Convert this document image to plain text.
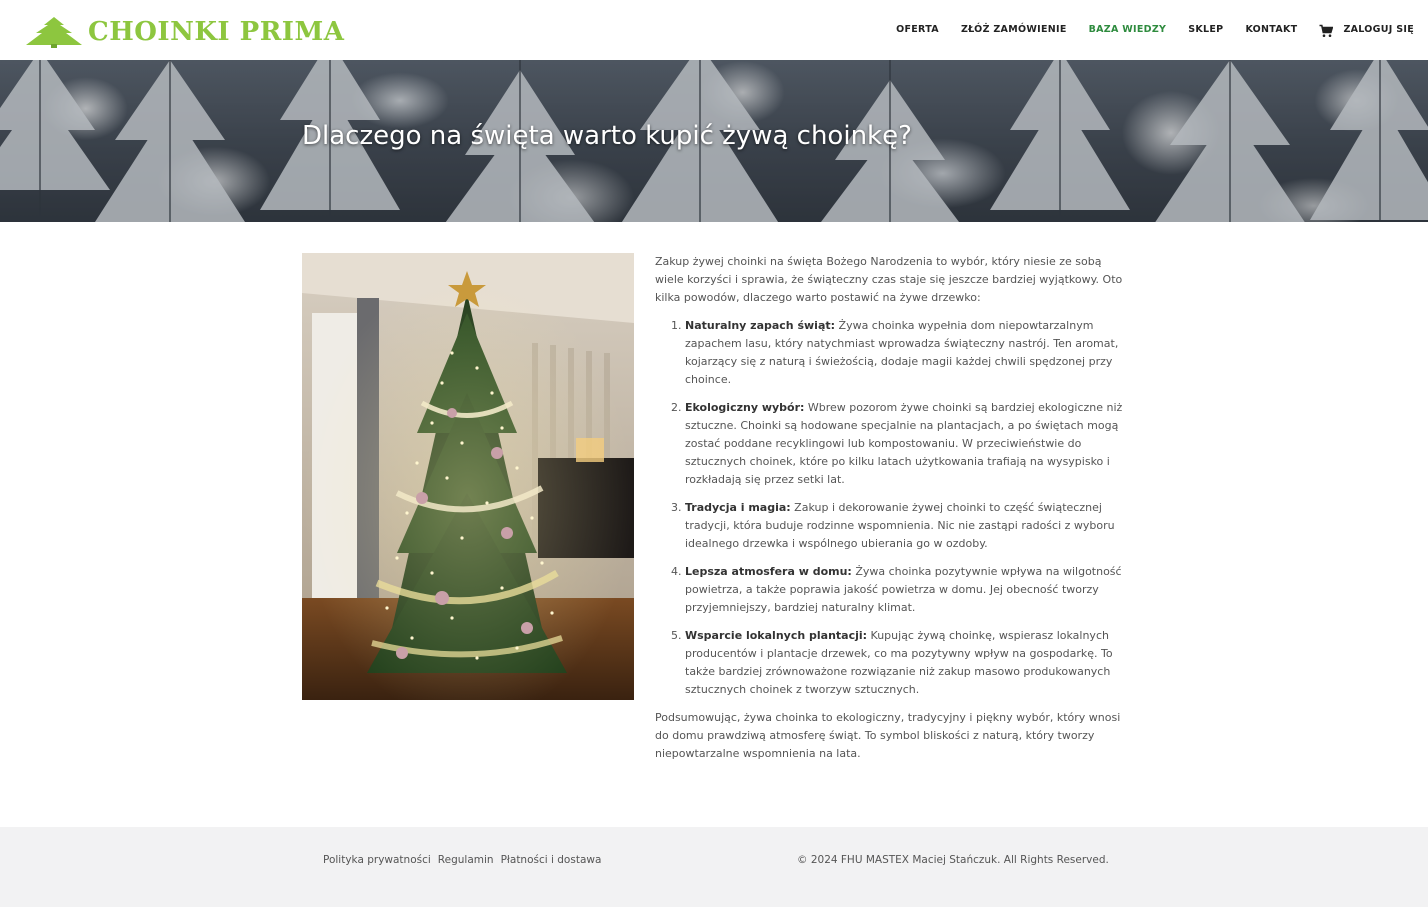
CHOINKI PRIMA	OFERTA ZŁÓŻ ZAMÓWIENIE BAZA WIEDZY SKLEP KONTAKT	ZALOGUJ SIĘ
Dlaczego na święta warto kupić żywą choinkę?

Zakup żywej choinki na święta Bożego Narodzenia to wybór, który niesie ze sobą wiele korzyści i sprawia, że świąteczny czas staje się jeszcze bardziej wyjątkowy. Oto kilka powodów, dlaczego warto postawić na żywe drzewko:

1. Naturalny zapach świąt: Żywa choinka wypełnia dom niepowtarzalnym zapachem lasu, który natychmiast wprowadza świąteczny nastrój. Ten aromat, kojarzący się z naturą i świeżością, dodaje magii każdej chwili spędzonej przy choince.
2. Ekologiczny wybór: Wbrew pozorom żywe choinki są bardziej ekologiczne niż sztuczne. Choinki są hodowane specjalnie na plantacjach, a po świętach mogą zostać poddane recyklingowi lub kompostowaniu. W przeciwieństwie do sztucznych choinek, które po kilku latach użytkowania trafiają na wysypisko i rozkładają się przez setki lat.
3. Tradycja i magia: Zakup i dekorowanie żywej choinki to część świątecznej tradycji, która buduje rodzinne wspomnienia. Nic nie zastąpi radości z wyboru idealnego drzewka i wspólnego ubierania go w ozdoby.
4. Lepsza atmosfera w domu: Żywa choinka pozytywnie wpływa na wilgotność powietrza, a także poprawia jakość powietrza w domu. Jej obecność tworzy przyjemniejszy, bardziej naturalny klimat.
5. Wsparcie lokalnych plantacji: Kupując żywą choinkę, wspierasz lokalnych producentów i plantacje drzewek, co ma pozytywny wpływ na gospodarkę. To także bardziej zrównoważone rozwiązanie niż zakup masowo produkowanych sztucznych choinek z tworzyw sztucznych.

Podsumowując, żywa choinka to ekologiczny, tradycyjny i piękny wybór, który wnosi do domu prawdziwą atmosferę świąt. To symbol bliskości z naturą, który tworzy niepowtarzalne wspomnienia na lata.

Polityka prywatności Regulamin Płatności i dostawa	© 2024 FHU MASTEX Maciej Stańczuk. All Rights Reserved.
